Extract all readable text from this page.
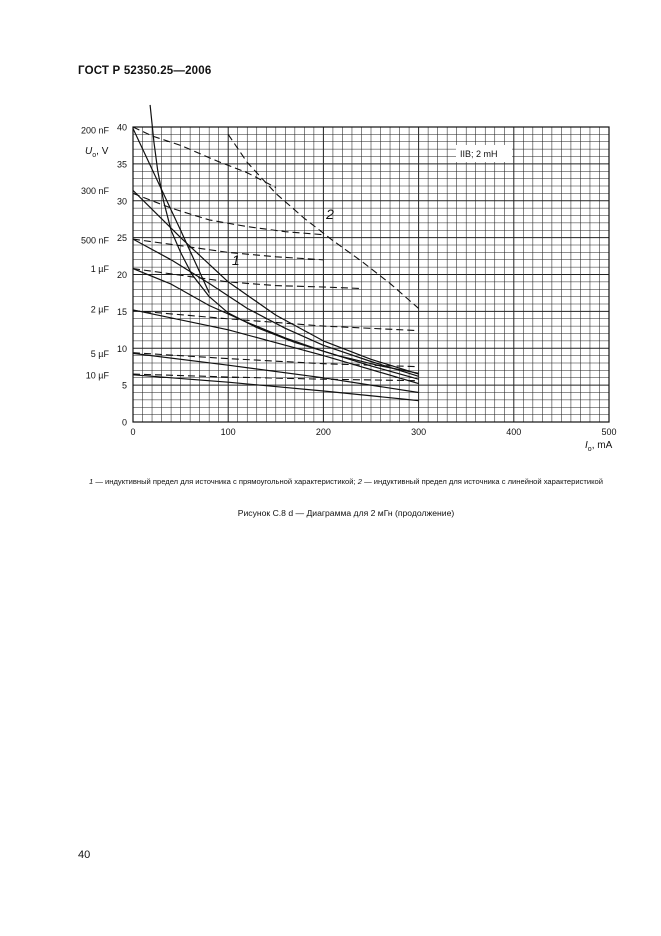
ГОСТ Р 52350.25—2006
0
5
10
15
20
25
30
35
40
0	100	200	300	400	500
200 nF
300 nF
500 nF
1 µF
2 µF
5 µF
10 µF
1
2
IIB; 2 mH
$U_o$, V
$I_o$, mA
1 — индуктивный предел для источника с прямоугольной характеристикой; 2 — индуктивный предел для источника с линейной характеристикой
Рисунок С.8 d — Диаграмма для 2 мГн (продолжение)
40
